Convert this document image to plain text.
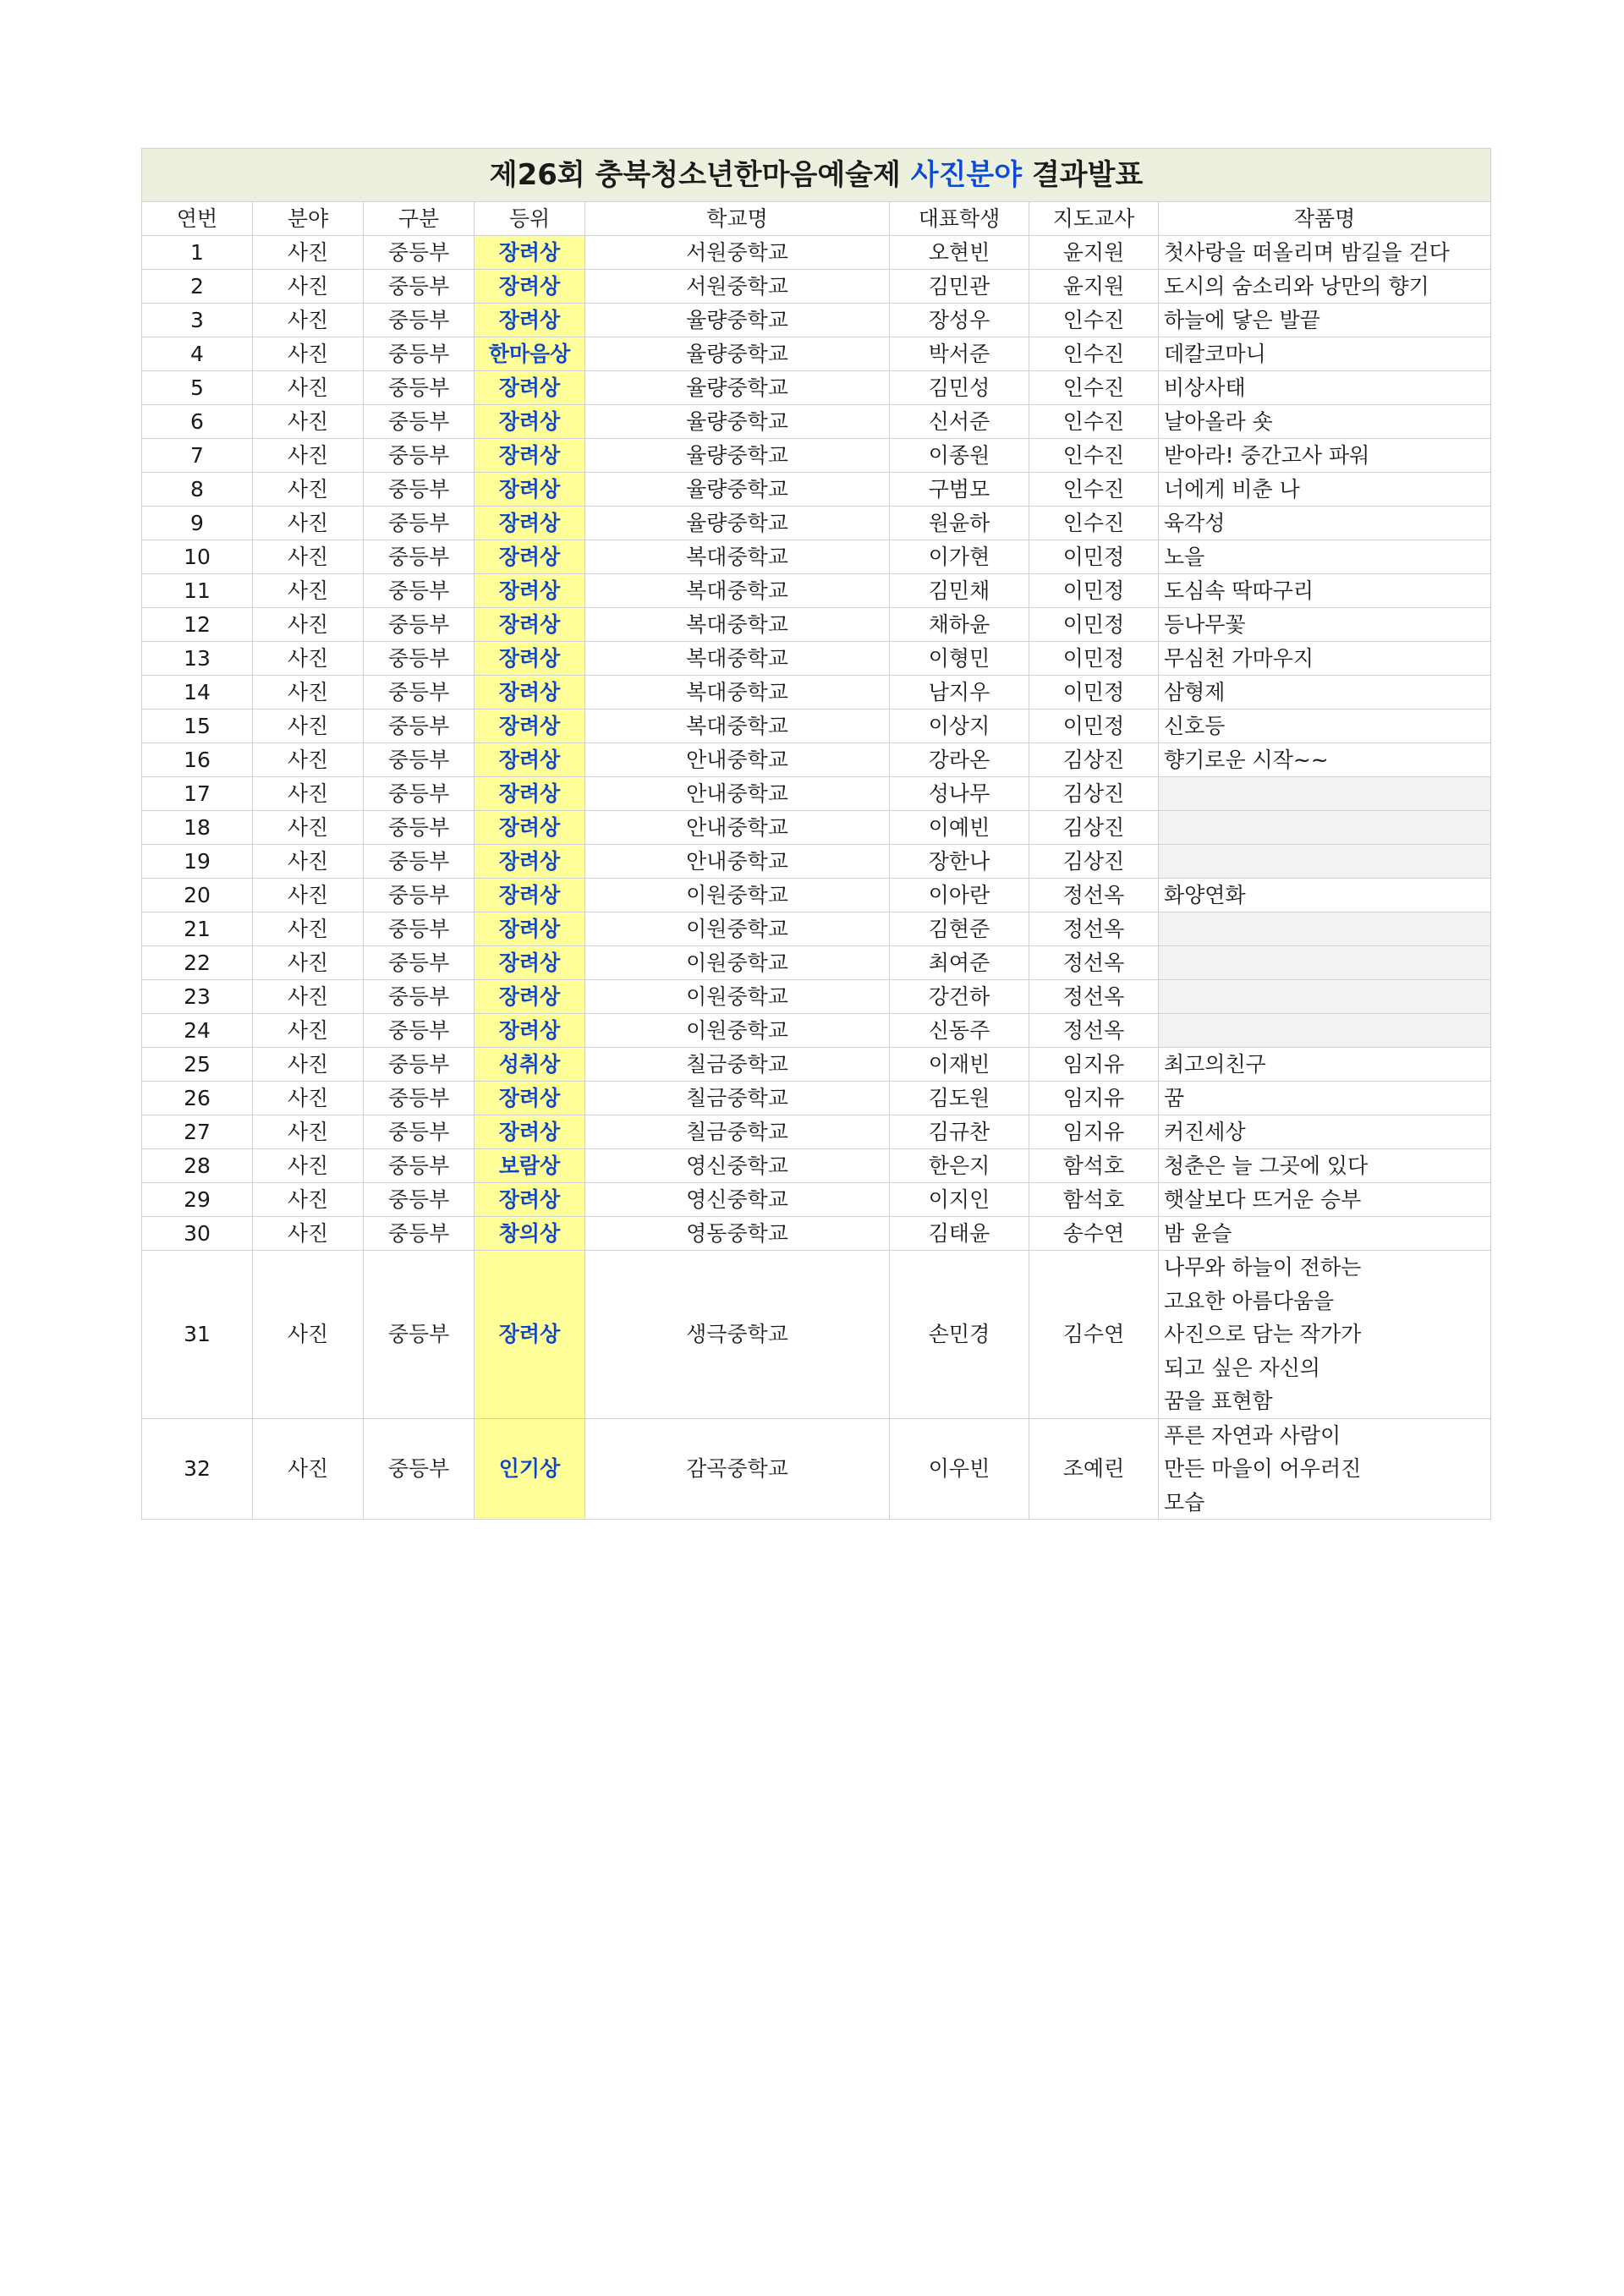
제26회 충북청소년한마음예술제 사진분야 결과발표							
연번	분야	구분	등위	학교명	대표학생	지도교사	작품명
1	사진	중등부	장려상	서원중학교	오현빈	윤지원	첫사랑을 떠올리며 밤길을 걷다
2	사진	중등부	장려상	서원중학교	김민관	윤지원	도시의 숨소리와 낭만의 향기
3	사진	중등부	장려상	율량중학교	장성우	인수진	하늘에 닿은 발끝
4	사진	중등부	한마음상	율량중학교	박서준	인수진	데칼코마니
5	사진	중등부	장려상	율량중학교	김민성	인수진	비상사태
6	사진	중등부	장려상	율량중학교	신서준	인수진	날아올라 숏
7	사진	중등부	장려상	율량중학교	이종원	인수진	받아라! 중간고사 파워
8	사진	중등부	장려상	율량중학교	구범모	인수진	너에게 비춘 나
9	사진	중등부	장려상	율량중학교	원윤하	인수진	육각성
10	사진	중등부	장려상	복대중학교	이가현	이민정	노을
11	사진	중등부	장려상	복대중학교	김민채	이민정	도심속 딱따구리
12	사진	중등부	장려상	복대중학교	채하윤	이민정	등나무꽃
13	사진	중등부	장려상	복대중학교	이형민	이민정	무심천 가마우지
14	사진	중등부	장려상	복대중학교	남지우	이민정	삼형제
15	사진	중등부	장려상	복대중학교	이상지	이민정	신호등
16	사진	중등부	장려상	안내중학교	강라온	김상진	향기로운 시작~~
17	사진	중등부	장려상	안내중학교	성나무	김상진	
18	사진	중등부	장려상	안내중학교	이예빈	김상진	
19	사진	중등부	장려상	안내중학교	장한나	김상진	
20	사진	중등부	장려상	이원중학교	이아란	정선옥	화양연화
21	사진	중등부	장려상	이원중학교	김현준	정선옥	
22	사진	중등부	장려상	이원중학교	최여준	정선옥	
23	사진	중등부	장려상	이원중학교	강건하	정선옥	
24	사진	중등부	장려상	이원중학교	신동주	정선옥	
25	사진	중등부	성취상	칠금중학교	이재빈	임지유	최고의친구
26	사진	중등부	장려상	칠금중학교	김도원	임지유	꿈
27	사진	중등부	장려상	칠금중학교	김규찬	임지유	커진세상
28	사진	중등부	보람상	영신중학교	한은지	함석호	청춘은 늘 그곳에 있다
29	사진	중등부	장려상	영신중학교	이지인	함석호	햇살보다 뜨거운 승부
30	사진	중등부	창의상	영동중학교	김태윤	송수연	밤 윤슬
31	사진	중등부	장려상	생극중학교	손민경	김수연	나무와 하늘이 전하는
고요한 아름다움을
사진으로 담는 작가가
되고 싶은 자신의
꿈을 표현함
32	사진	중등부	인기상	감곡중학교	이우빈	조예린	푸른 자연과 사람이
만든 마을이 어우러진
모습
